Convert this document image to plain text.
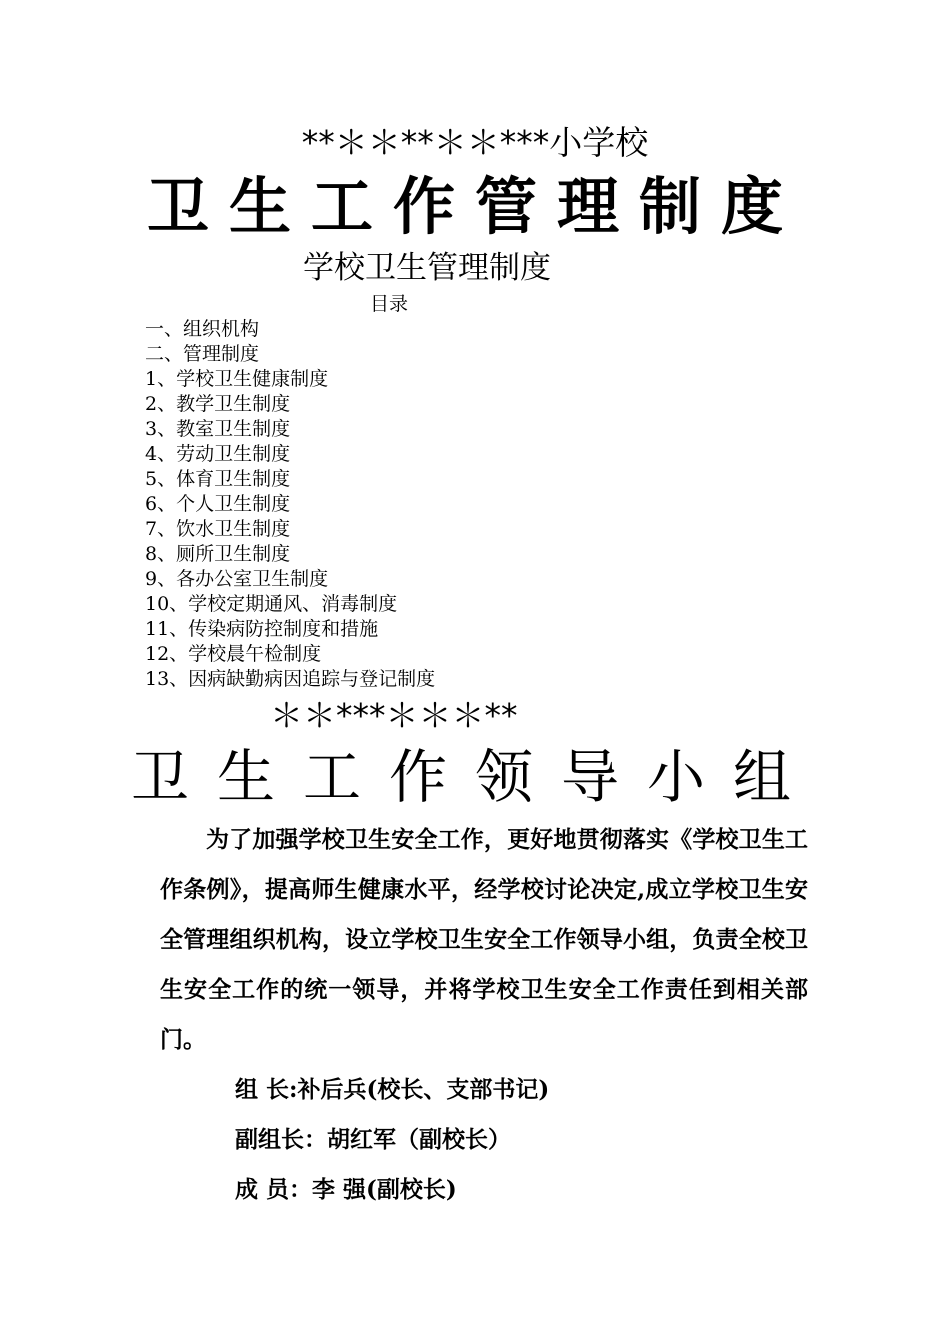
**＊＊**＊＊***小学校
卫生工作管理制度
学校卫生管理制度
目录
一、组织机构
二、管理制度
1、学校卫生健康制度
2、教学卫生制度
3、教室卫生制度
4、劳动卫生制度
5、体育卫生制度
6、个人卫生制度
7、饮水卫生制度
8、厕所卫生制度
9、各办公室卫生制度
10、学校定期通风、消毒制度
11、传染病防控制度和措施
12、学校晨午检制度
13、因病缺勤病因追踪与登记制度
＊＊***＊＊＊**
卫生工作领导小组

为了加强学校卫生安全工作，更好地贯彻落实《学校卫生工作条例》，提高师生健康水平，经学校讨论决定,成立学校卫生安全管理组织机构，设立学校卫生安全工作领导小组，负责全校卫生安全工作的统一领导，并将学校卫生安全工作责任到相关部门。

组 长:补后兵(校长、支部书记)
副组长：胡红军（副校长）
成 员：李 强(副校长)
